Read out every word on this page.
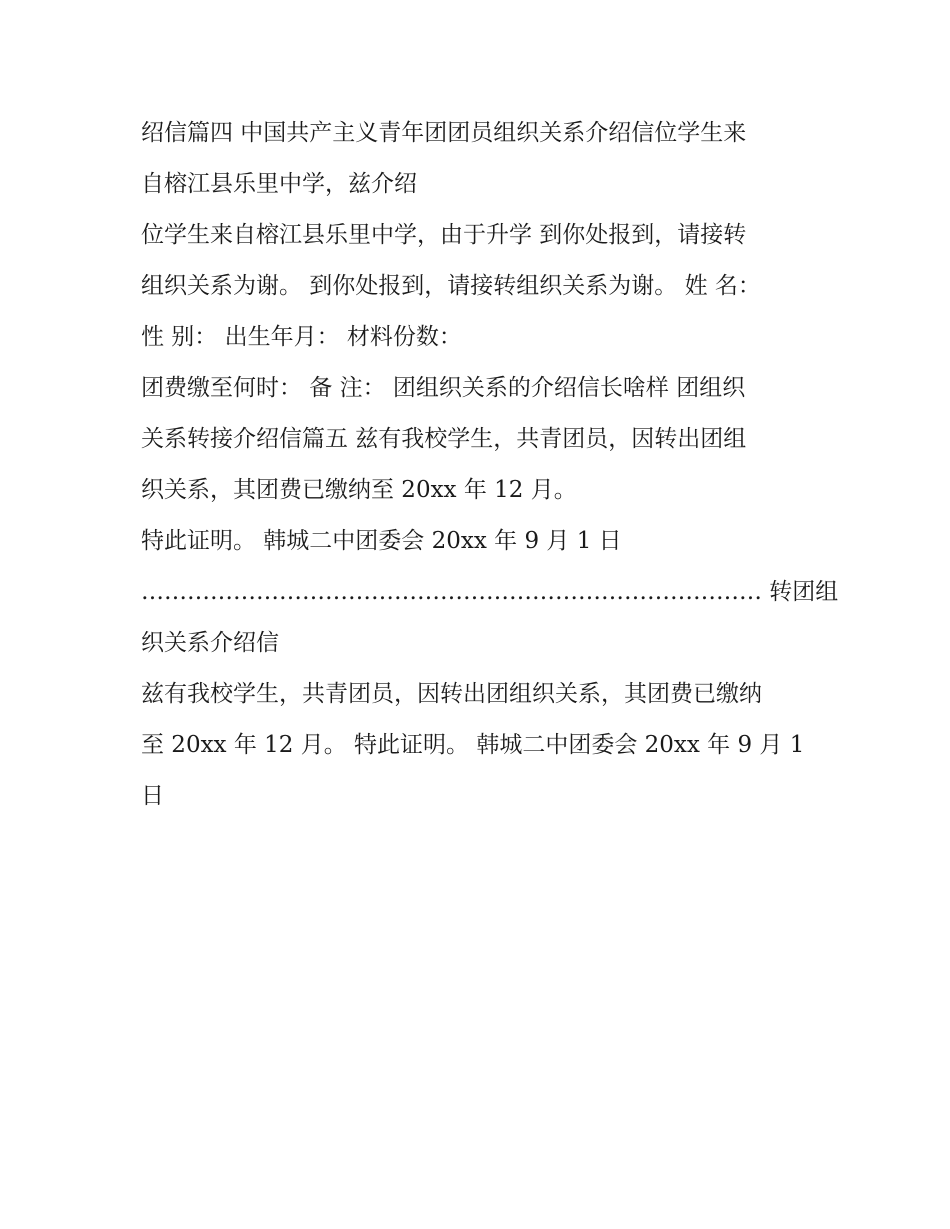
绍信篇四 中国共产主义青年团团员组织关系介绍信位学生来
自榕江县乐里中学，兹介绍
位学生来自榕江县乐里中学，由于升学 到你处报到，请接转
组织关系为谢。 到你处报到，请接转组织关系为谢。 姓 名：
性 别： 出生年月： 材料份数：
团费缴至何时： 备 注： 团组织关系的介绍信长啥样 团组织
关系转接介绍信篇五 兹有我校学生，共青团员，因转出团组
织关系，其团费已缴纳至 20xx 年 12 月。
特此证明。 韩城二中团委会 20xx 年 9 月 1 日
……………………………………………………………………… 转团组
织关系介绍信
兹有我校学生，共青团员，因转出团组织关系，其团费已缴纳
至 20xx 年 12 月。 特此证明。 韩城二中团委会 20xx 年 9 月 1
日
